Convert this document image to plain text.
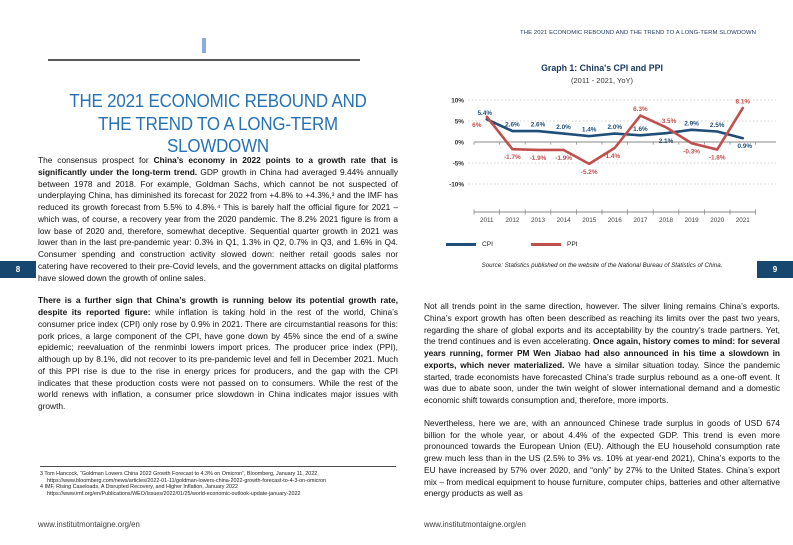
THE 2021 ECONOMIC REBOUND AND
THE TREND TO A LONG-TERM SLOWDOWN

The consensus prospect for China’s economy in 2022 points to a growth rate that is significantly under the long-term trend. GDP growth in China had averaged 9.44% annually between 1978 and 2018. For example, Goldman Sachs, which cannot be not suspected of underplaying China, has diminished its forecast for 2022 from +4.8% to +4.3%,³ and the IMF has reduced its growth forecast from 5.5% to 4.8%.⁴ This is barely half the official figure for 2021 – which was, of course, a recovery year from the 2020 pandemic. The 8.2% 2021 figure is from a low base of 2020 and, therefore, somewhat deceptive. Sequential quarter growth in 2021 was lower than in the last pre-pandemic year: 0.3% in Q1, 1.3% in Q2, 0.7% in Q3, and 1.6% in Q4. Consumer spending and construction activity slowed down: neither retail goods sales nor catering have recovered to their pre-Covid levels, and the government attacks on digital platforms have slowed down the growth of online sales.

There is a further sign that China’s growth is running below its potential growth rate, despite its reported figure: while inflation is taking hold in the rest of the world, China’s consumer price index (CPI) only rose by 0.9% in 2021. There are circumstantial reasons for this: pork prices, a large component of the CPI, have gone down by 45% since the end of a swine epidemic; reevaluation of the renminbi lowers import prices. The producer price index (PPI), although up by 8.1%, did not recover to its pre-pandemic level and fell in December 2021. Much of this PPI rise is due to the rise in energy prices for producers, and the gap with the CPI indicates that these production costs were not passed on to consumers. While the rest of the world renews with inflation, a consumer price slowdown in China indicates major issues with growth.

3 Tom Hancock, “Goldman Lowers China 2022 Growth Forecast to 4.3% on Omicron”, Bloomberg, January 11, 2022, https://www.bloomberg.com/news/articles/2022-01-11/goldman-lowers-china-2022-growth-forecast-to-4-3-on-omicron
4 IMF, Rising Caseloads, A Disrupted Recovery, and Higher Inflation, January 2022 https://www.imf.org/en/Publications/WEO/Issues/2022/01/25/world-economic-outlook-update-january-2022
www.institutmontaigne.org/en
THE 2021 ECONOMIC REBOUND AND THE TREND TO A LONG-TERM SLOWDOWN
Graph 1: China's CPI and PPI
(2011 - 2021, YoY)
10%
5%
0%
-5%
-10%
2011 2012 2013 2014 2015 2016 2017 2018 2019 2020 2021
5.4%
2.6% 2.6% 2.0% 1.4% 2.0% 1.6%
2.1%
2.9% 2.5%
0.9%
6%
-1.7% -1.9% -1.9%
-5.2%
-1.4%
6.3%
3.5%
-0.3%
-1.8%
8.1%
CPI	PPI
Source: Statistics published on the website of the National Bureau of Statistics of China.

Not all trends point in the same direction, however. The silver lining remains China’s exports. China’s export growth has often been described as reaching its limits over the past two years, regarding the share of global exports and its acceptability by the country’s trade partners. Yet, the trend continues and is even accelerating. Once again, history comes to mind: for several years running, former PM Wen Jiabao had also announced in his time a slowdown in exports, which never materialized. We have a similar situation today. Since the pandemic started, trade economists have forecasted China’s trade surplus rebound as a one-off event. It was due to abate soon, under the twin weight of slower international demand and a domestic economic shift towards consumption and, therefore, more imports.

Nevertheless, here we are, with an announced Chinese trade surplus in goods of USD 674 billion for the whole year, or about 4.4% of the expected GDP. This trend is even more pronounced towards the European Union (EU). Although the EU household consumption rate grew much less than in the US (2.5% to 3% vs. 10% at year-end 2021), China’s exports to the EU have increased by 57% over 2020, and “only” by 27% to the United States. China’s export mix – from medical equipment to house furniture, computer chips, batteries and other alternative energy products as well as

www.institutmontaigne.org/en
8	9
